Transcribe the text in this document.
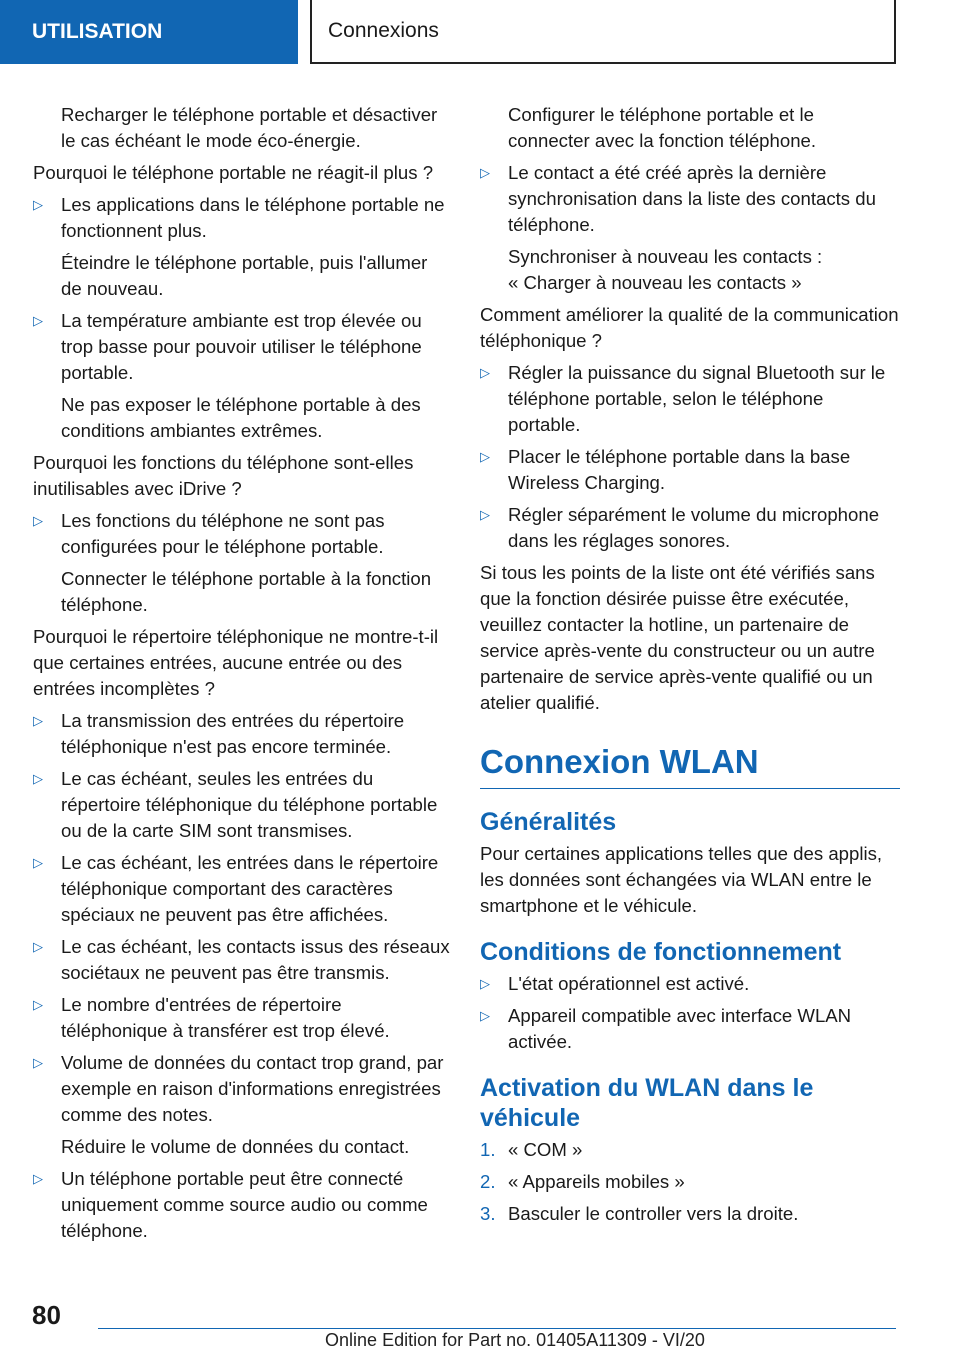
UTILISATION	Connexions

Recharger le téléphone portable et désactiver le cas échéant le mode éco-énergie.

Pourquoi le téléphone portable ne réagit-il plus ?

▷ Les applications dans le téléphone portable ne fonctionnent plus.

Éteindre le téléphone portable, puis l'allumer de nouveau.

▷ La température ambiante est trop élevée ou trop basse pour pouvoir utiliser le téléphone portable.

Ne pas exposer le téléphone portable à des conditions ambiantes extrêmes.

Pourquoi les fonctions du téléphone sont-elles inutilisables avec iDrive ?

▷ Les fonctions du téléphone ne sont pas configurées pour le téléphone portable.

Connecter le téléphone portable à la fonction téléphone.

Pourquoi le répertoire téléphonique ne montre-t-il que certaines entrées, aucune entrée ou des entrées incomplètes ?

▷ La transmission des entrées du répertoire téléphonique n'est pas encore terminée.
▷ Le cas échéant, seules les entrées du répertoire téléphonique du téléphone portable ou de la carte SIM sont transmises.
▷ Le cas échéant, les entrées dans le répertoire téléphonique comportant des caractères spéciaux ne peuvent pas être affichées.
▷ Le cas échéant, les contacts issus des réseaux sociétaux ne peuvent pas être transmis.
▷ Le nombre d'entrées de répertoire téléphonique à transférer est trop élevé.
▷ Volume de données du contact trop grand, par exemple en raison d'informations enregistrées comme des notes.

Réduire le volume de données du contact.

▷ Un téléphone portable peut être connecté uniquement comme source audio ou comme téléphone.

Configurer le téléphone portable et le connecter avec la fonction téléphone.

▷ Le contact a été créé après la dernière synchronisation dans la liste des contacts du téléphone.

Synchroniser à nouveau les contacts :

« Charger à nouveau les contacts »

Comment améliorer la qualité de la communication téléphonique ?

▷ Régler la puissance du signal Bluetooth sur le téléphone portable, selon le téléphone portable.
▷ Placer le téléphone portable dans la base Wireless Charging.
▷ Régler séparément le volume du microphone dans les réglages sonores.

Si tous les points de la liste ont été vérifiés sans que la fonction désirée puisse être exécutée, veuillez contacter la hotline, un partenaire de service après-vente du constructeur ou un autre partenaire de service après-vente qualifié ou un atelier qualifié.

Connexion WLAN
Généralités

Pour certaines applications telles que des applis, les données sont échangées via WLAN entre le smartphone et le véhicule.

Conditions de fonctionnement
▷ L'état opérationnel est activé.
▷ Appareil compatible avec interface WLAN activée.
Activation du WLAN dans le véhicule
1. « COM »
2. « Appareils mobiles »
3. Basculer le controller vers la droite.
80
Online Edition for Part no. 01405A11309 - VI/20
